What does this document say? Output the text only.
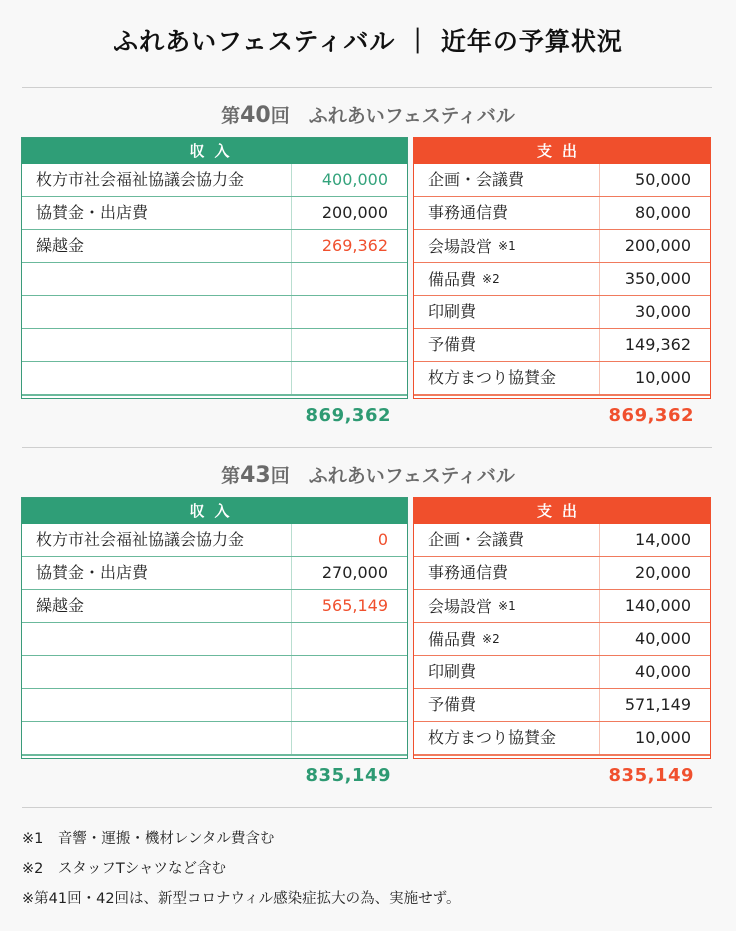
ふれあいフェスティバル ｜ 近年の予算状況
第40回　ふれあいフェスティバル
収入
枚方市社会福祉協議会協力金	400,000
協賛金・出店費	200,000
繰越金	269,362
支出
企画・会議費	50,000
事務通信費	80,000
会場設営 ※1	200,000
備品費 ※2	350,000
印刷費	30,000
予備費	149,362
枚方まつり協賛金	10,000
869,362	869,362
第43回　ふれあいフェスティバル
収入
枚方市社会福祉協議会協力金	0
協賛金・出店費	270,000
繰越金	565,149
支出
企画・会議費	14,000
事務通信費	20,000
会場設営 ※1	140,000
備品費 ※2	40,000
印刷費	40,000
予備費	571,149
枚方まつり協賛金	10,000
835,149	835,149
※1　音響・運搬・機材レンタル費含む
※2　スタッフTシャツなど含む
※第41回・42回は、新型コロナウィル感染症拡大の為、実施せず。
